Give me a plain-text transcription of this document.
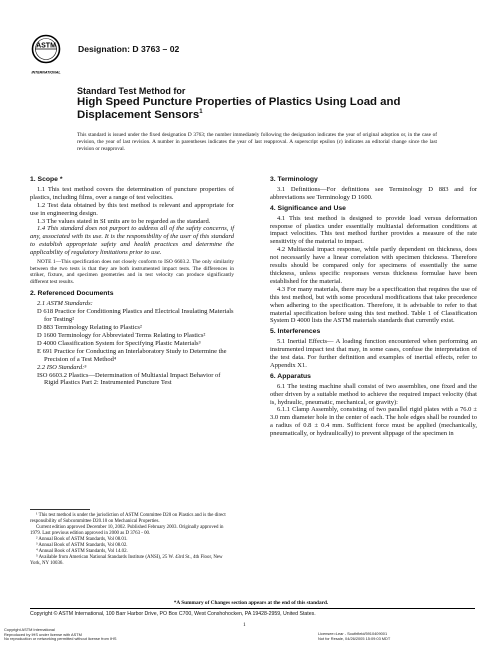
ASTM
INTERNATIONAL
Designation: D 3763 – 02
Standard Test Method for
High Speed Puncture Properties of Plastics Using Load and
Displacement Sensors$^1$
This standard is issued under the fixed designation D 3763; the number immediately following the designation indicates the year of original adoption or, in the case of revision, the year of last revision. A number in parentheses indicates the year of last reapproval. A superscript epsilon (ε) indicates an editorial change since the last revision or reapproval.
1. Scope *

1.1 This test method covers the determination of puncture properties of plastics, including films, over a range of test velocities.

1.2 Test data obtained by this test method is relevant and appropriate for use in engineering design.

1.3 The values stated in SI units are to be regarded as the standard.

1.4 This standard does not purport to address all of the safety concerns, if any, associated with its use. It is the responsibility of the user of this standard to establish appropriate safety and health practices and determine the applicability of regulatory limitations prior to use.

NOTE 1—This specification does not closely conform to ISO 6603.2. The only similarity between the two tests is that they are both instrumented impact tests. The differences in striker, fixture, and specimen geometries and in test velocity can produce significantly different test results.

2. Referenced Documents

2.1 ASTM Standards:

D 618 Practice for Conditioning Plastics and Electrical Insulating Materials for Testing²

D 883 Terminology Relating to Plastics²

D 1600 Terminology for Abbreviated Terms Relating to Plastics²

D 4000 Classification System for Specifying Plastic Materials³

E 691 Practice for Conducting an Interlaboratory Study to Determine the Precision of a Test Method⁴

2.2 ISO Standard:⁵

ISO 6603.2 Plastics—Determination of Multiaxial Impact Behavior of Rigid Plastics Part 2: Instrumented Puncture Test

¹ This test method is under the jurisdiction of ASTM Committee D20 on Plastics and is the direct responsibility of Subcommittee D20.10 on Mechanical Properties.

Current edition approved December 10, 2002. Published February 2003. Originally approved in 1979. Last previous edition approved in 2000 as D 3763 - 00.

² Annual Book of ASTM Standards, Vol 08.01.

³ Annual Book of ASTM Standards, Vol 08.02.

⁴ Annual Book of ASTM Standards, Vol 14.02.

⁵ Available from American National Standards Institute (ANSI), 25 W. 43rd St., 4th Floor, New York, NY 10036.

3. Terminology

3.1 Definitions—For definitions see Terminology D 883 and for abbreviations see Terminology D 1600.

4. Significance and Use

4.1 This test method is designed to provide load versus deformation response of plastics under essentially multiaxial deformation conditions at impact velocities. This test method further provides a measure of the rate sensitivity of the material to impact.

4.2 Multiaxial impact response, while partly dependent on thickness, does not necessarily have a linear correlation with specimen thickness. Therefore results should be compared only for specimens of essentially the same thickness, unless specific responses versus thickness formulae have been established for the material.

4.3 For many materials, there may be a specification that requires the use of this test method, but with some procedural modifications that take precedence when adhering to the specification. Therefore, it is advisable to refer to that material specification before using this test method. Table 1 of Classification System D 4000 lists the ASTM materials standards that currently exist.

5. Interferences

5.1 Inertial Effects— A loading function encountered when performing an instrumented impact test that may, in some cases, confuse the interpretation of the test data. For further definition and examples of inertial effects, refer to Appendix X1.

6. Apparatus

6.1 The testing machine shall consist of two assemblies, one fixed and the other driven by a suitable method to achieve the required impact velocity (that is, hydraulic, pneumatic, mechanical, or gravity):

6.1.1 Clamp Assembly, consisting of two parallel rigid plates with a 76.0 ± 3.0 mm diameter hole in the center of each. The hole edges shall be rounded to a radius of 0.8 ± 0.4 mm. Sufficient force must be applied (mechanically, pneumatically, or hydraulically) to prevent slippage of the specimen in

*A Summary of Changes section appears at the end of this standard.
Copyright © ASTM International, 100 Barr Harbor Drive, PO Box C700, West Conshohocken, PA 19428-2959, United States.
1
Copyright ASTM International
Reproduced by IHS under license with ASTM
No reproduction or networking permitted without license from IHS
Licensee=Lear - Southfield/5910409001
Not for Resale, 04/26/2005 15:09:03 MDT
